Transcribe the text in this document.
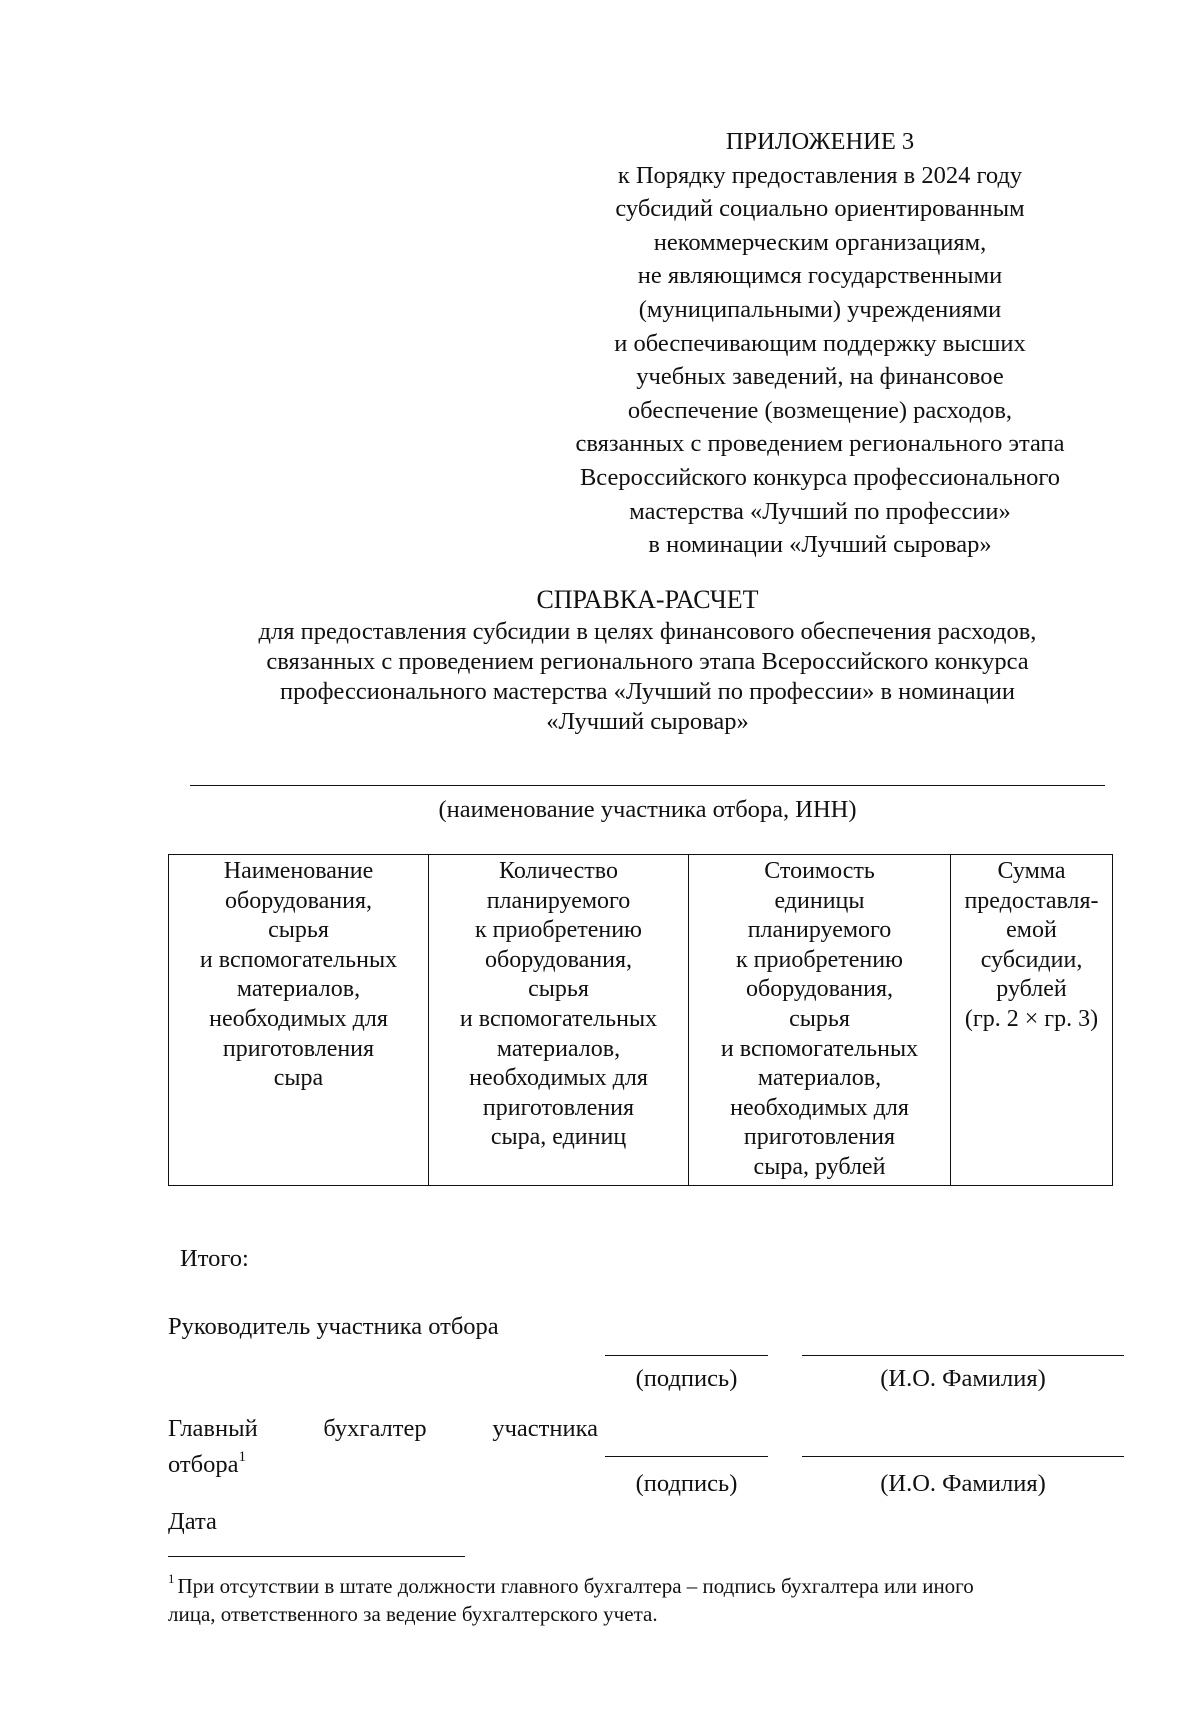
ПРИЛОЖЕНИЕ 3
к Порядку предоставления в 2024 году
субсидий социально ориентированным
некоммерческим организациям,
не являющимся государственными
(муниципальными) учреждениями
и обеспечивающим поддержку высших
учебных заведений, на финансовое
обеспечение (возмещение) расходов,
связанных с проведением регионального этапа
Всероссийского конкурса профессионального
мастерства «Лучший по профессии»
в номинации «Лучший сыровар»
СПРАВКА-РАСЧЕТ
для предоставления субсидии в целях финансового обеспечения расходов,
связанных с проведением регионального этапа Всероссийского конкурса
профессионального мастерства «Лучший по профессии» в номинации
«Лучший сыровар»
(наименование участника отбора, ИНН)
Наименование
оборудования,
сырья
и вспомогательных
материалов,
необходимых для
приготовления
сыра

Количество
планируемого
к приобретению
оборудования,
сырья
и вспомогательных
материалов,
необходимых для
приготовления
сыра, единиц

Стоимость
единицы
планируемого
к приобретению
оборудования,
сырья
и вспомогательных
материалов,
необходимых для
приготовления
сыра, рублей

Сумма
предоставля-
емой
субсидии,
рублей
(гр. 2 × гр. 3)
Итого:
Руководитель участника отбора
(подпись)	(И.О. Фамилия)
Главный	бухгалтер	участника
отбора$^1$
(подпись)	(И.О. Фамилия)
Дата
$^1$ При отсутствии в штате должности главного бухгалтера – подпись бухгалтера или иного
лица, ответственного за ведение бухгалтерского учета.
